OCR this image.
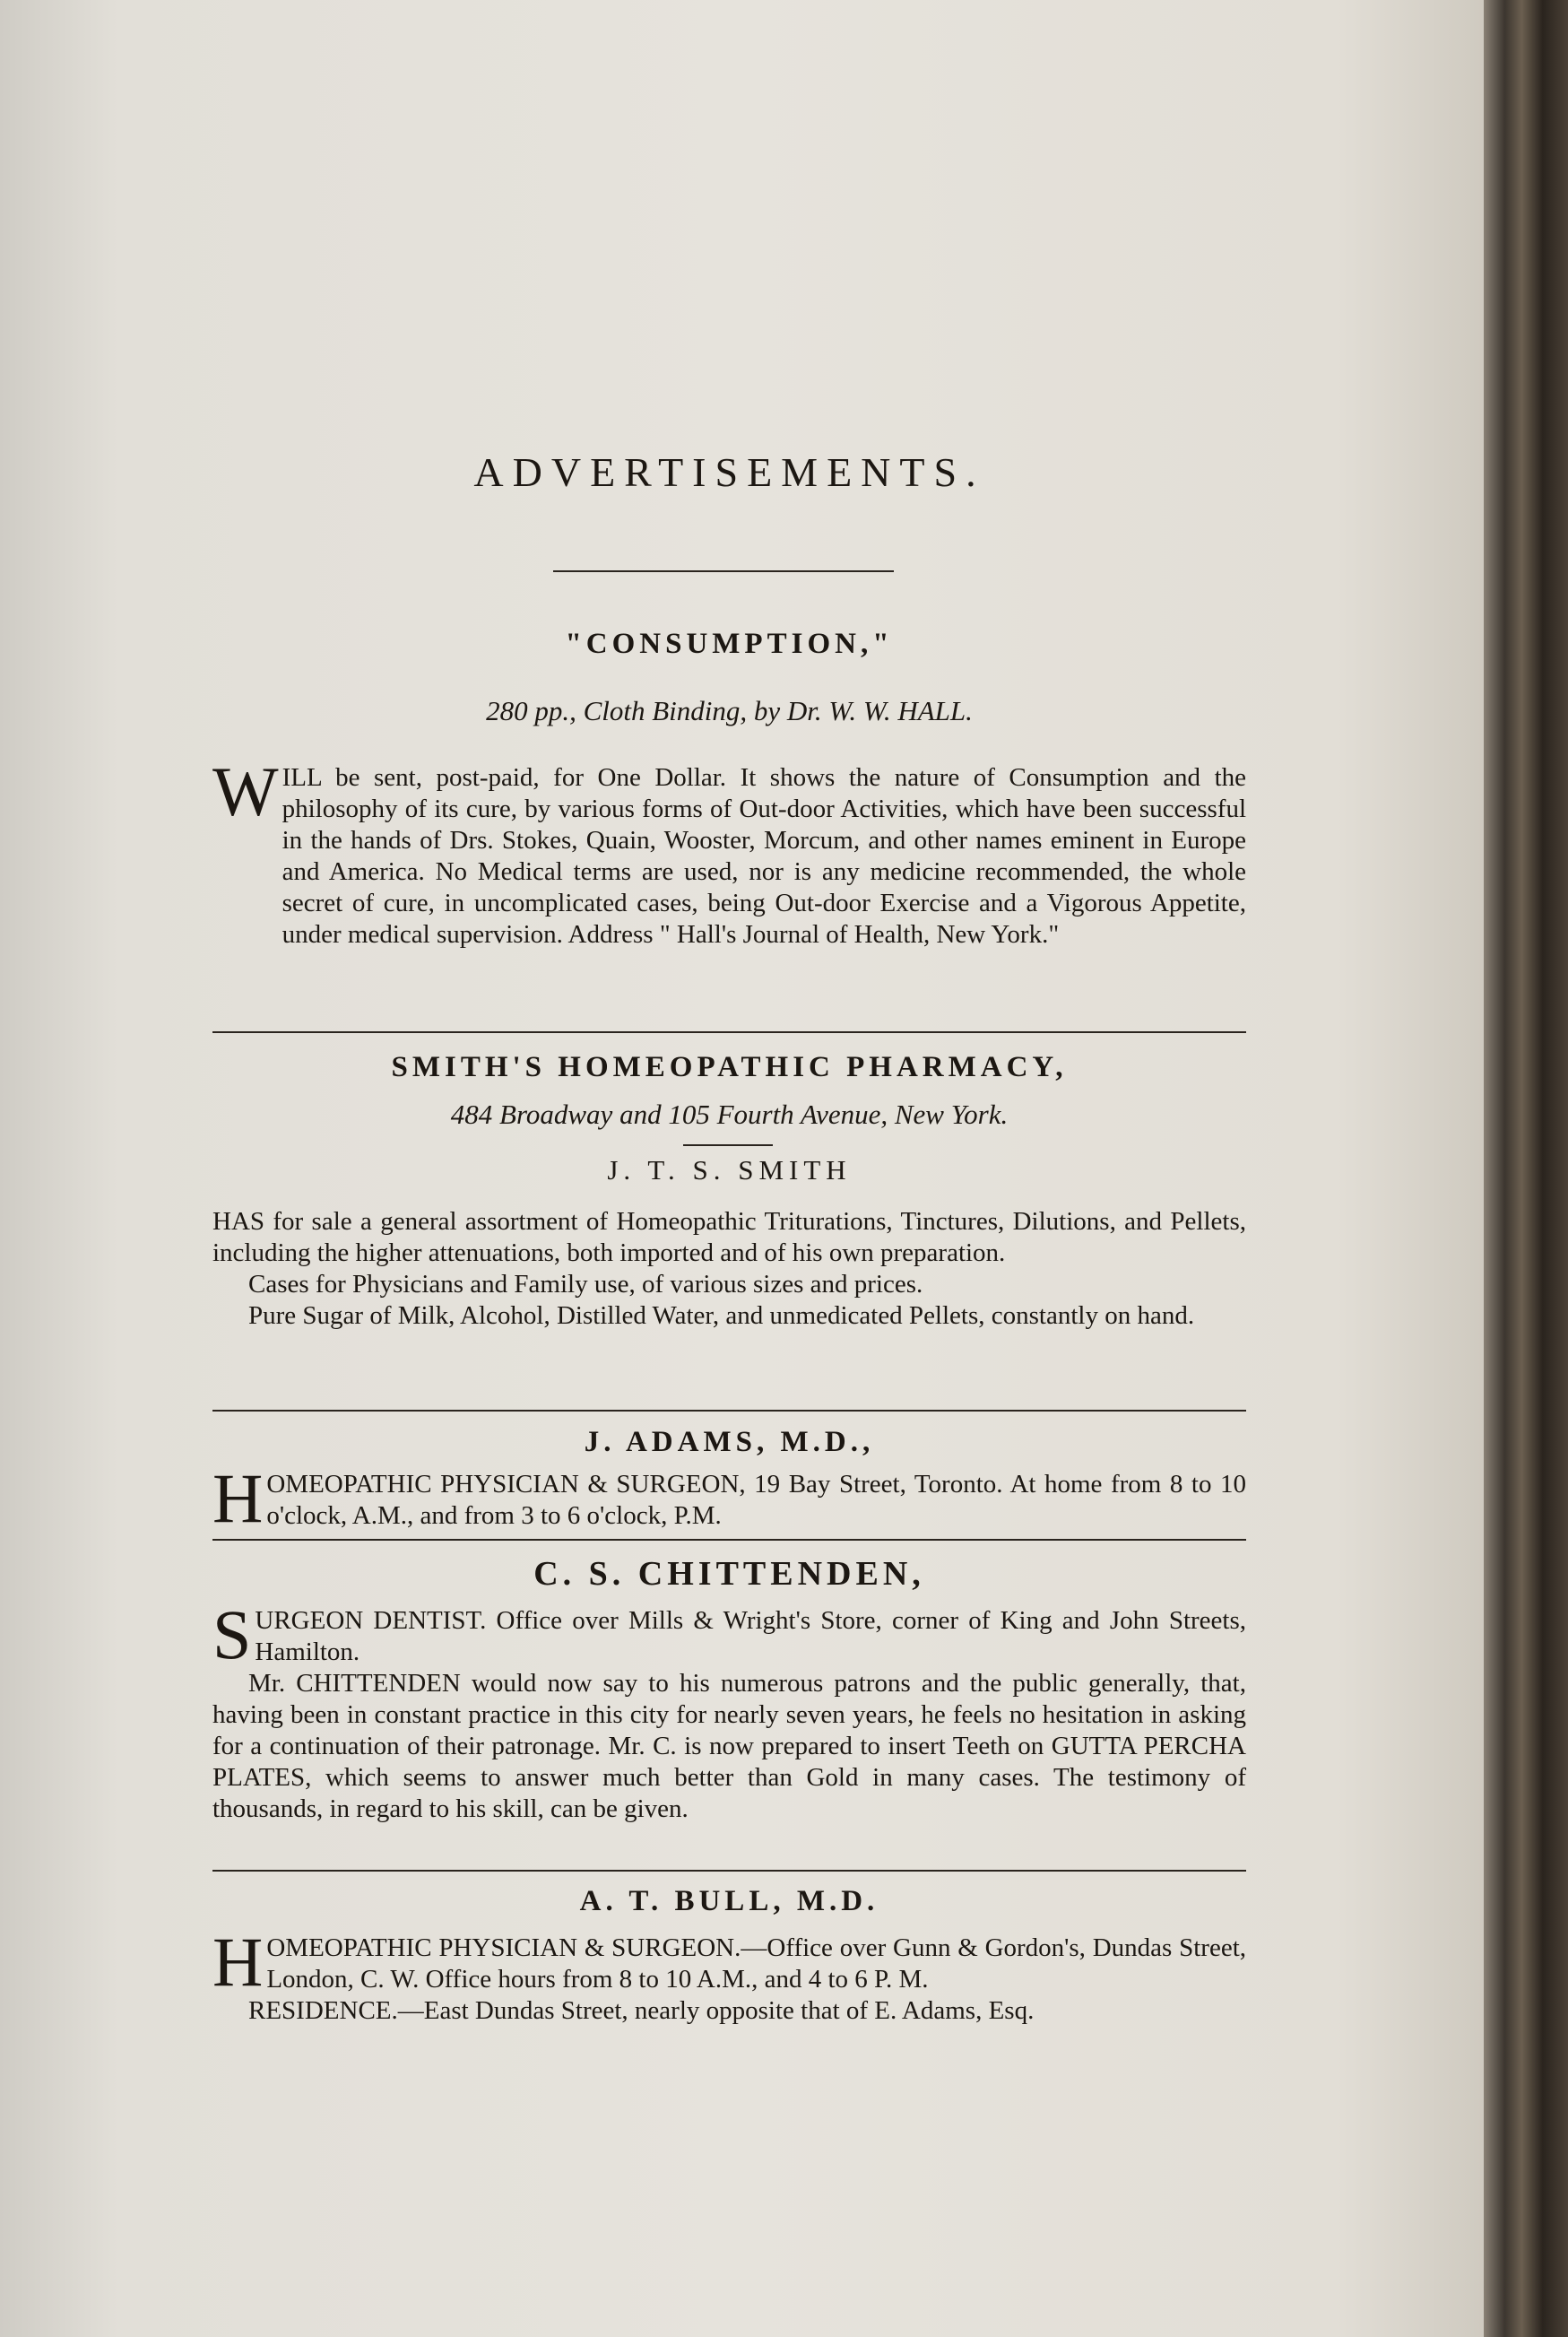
ADVERTISEMENTS.
"CONSUMPTION,"
280 pp., Cloth Binding, by Dr. W. W. HALL.
W ILL be sent, post-paid, for One Dollar. It shows the nature of Consumption and the philosophy of its cure, by various forms of Out-door Activities, which have been successful in the hands of Drs. Stokes, Quain, Wooster, Morcum, and other names eminent in Europe and America. No Medical terms are used, nor is any medicine recommended, the whole secret of cure, in uncomplicated cases, being Out-door Exercise and a Vigorous Appetite, under medical supervision. Address " Hall's Journal of Health, New York."

SMITH'S HOMEOPATHIC PHARMACY,
484 Broadway and 105 Fourth Avenue, New York.
J. T. S. SMITH

HAS for sale a general assortment of Homeopathic Triturations, Tinctures, Dilutions, and Pellets, including the higher attenuations, both imported and of his own preparation.

Cases for Physicians and Family use, of various sizes and prices.

Pure Sugar of Milk, Alcohol, Distilled Water, and unmedicated Pellets, constantly on hand.

J. ADAMS, M.D.,
H OMEOPATHIC PHYSICIAN & SURGEON, 19 Bay Street, Toronto. At home from 8 to 10 o'clock, A.M., and from 3 to 6 o'clock, P.M.

C. S. CHITTENDEN,
S URGEON DENTIST. Office over Mills & Wright's Store, corner of King and John Streets, Hamilton.

Mr. CHITTENDEN would now say to his numerous patrons and the public generally, that, having been in constant practice in this city for nearly seven years, he feels no hesitation in asking for a continuation of their patronage. Mr. C. is now prepared to insert Teeth on GUTTA PERCHA PLATES, which seems to answer much better than Gold in many cases. The testimony of thousands, in regard to his skill, can be given.

A. T. BULL, M.D.
H OMEOPATHIC PHYSICIAN & SURGEON.—Office over Gunn & Gordon's, Dundas Street, London, C. W. Office hours from 8 to 10 A.M., and 4 to 6 P. M.

RESIDENCE.—East Dundas Street, nearly opposite that of E. Adams, Esq.
